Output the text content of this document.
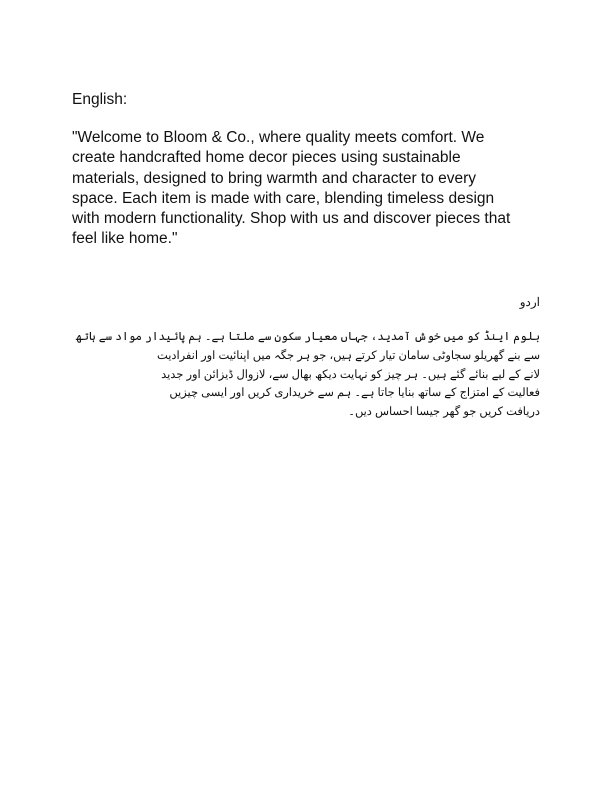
English:
"Welcome to Bloom & Co., where quality meets comfort. We
create handcrafted home decor pieces using sustainable
materials, designed to bring warmth and character to every
space. Each item is made with care, blending timeless design
with modern functionality. Shop with us and discover pieces that
feel like home."
اردو
بلوم اینڈ کو میں خوش آمدید، جہاں معیار سکون سے ملتا ہے۔ ہم پائیدار مواد سے ہاتھ
سے بنے گھریلو سجاوٹی سامان تیار کرتے ہیں، جو ہر جگہ میں اپنائیت اور انفرادیت
لانے کے لیے بنائے گئے ہیں۔ ہر چیز کو نہایت دیکھ بھال سے، لازوال ڈیزائن اور جدید
فعالیت کے امتزاج کے ساتھ بنایا جاتا ہے۔ ہم سے خریداری کریں اور ایسی چیزیں
دریافت کریں جو گھر جیسا احساس دیں۔
